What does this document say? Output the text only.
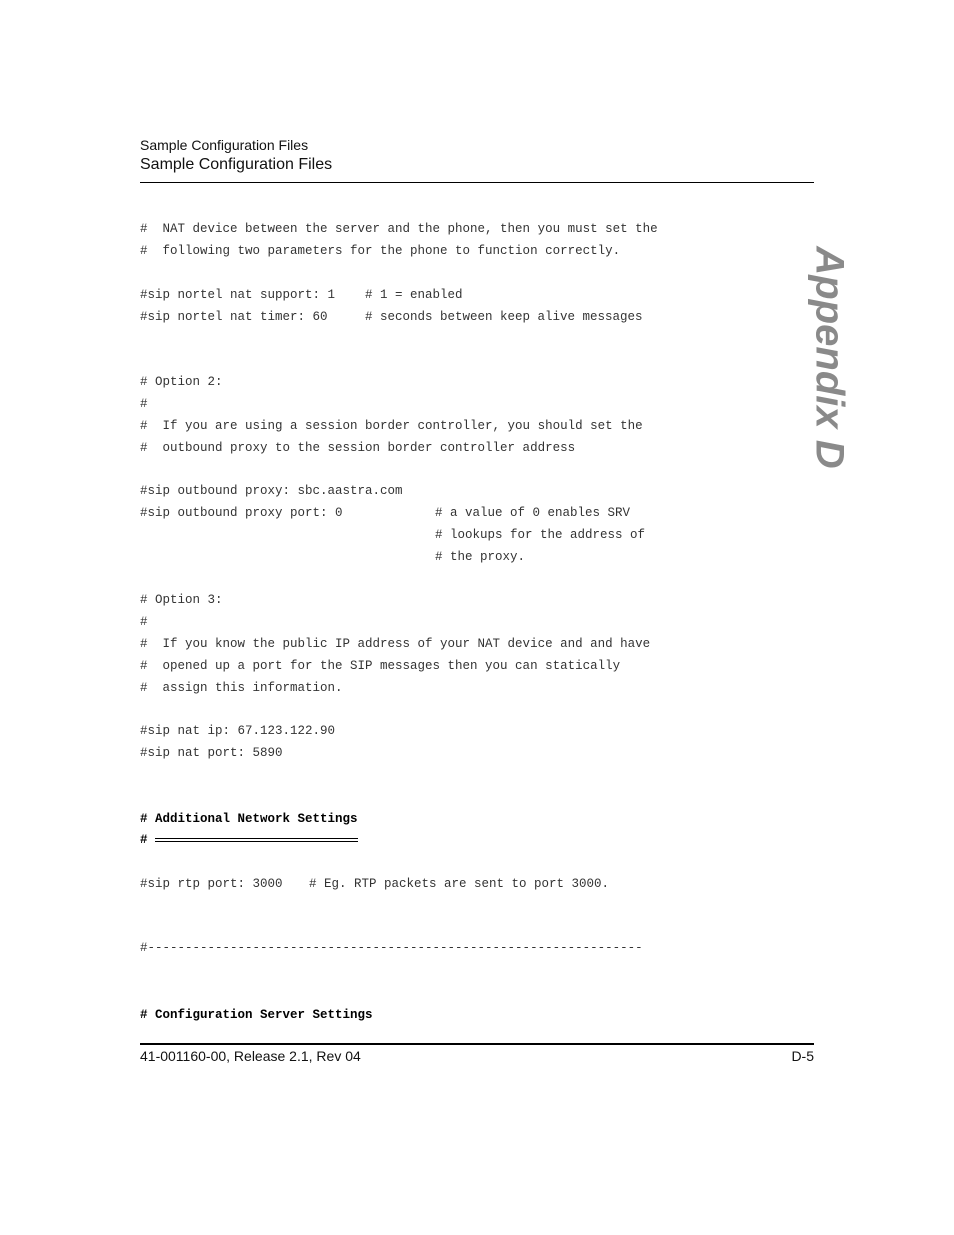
Sample Configuration Files
Sample Configuration Files
Appendix D
#  NAT device between the server and the phone, then you must set the
#  following two parameters for the phone to function correctly.
#sip nortel nat support: 1 # 1 = enabled
#sip nortel nat timer: 60	# seconds between keep alive messages
# Option 2:
#
#  If you are using a session border controller, you should set the
#  outbound proxy to the session border controller address
#sip outbound proxy: sbc.aastra.com
#sip outbound proxy port: 0	# a value of 0 enables SRV
# lookups for the address of
# the proxy.
# Option 3:
#
#  If you know the public IP address of your NAT device and and have
#  opened up a port for the SIP messages then you can statically
#  assign this information.
#sip nat ip: 67.123.122.90
#sip nat port: 5890
# Additional Network Settings
#
#sip rtp port: 3000 # Eg. RTP packets are sent to port 3000.
#------------------------------------------------------------------
# Configuration Server Settings
41-001160-00, Release 2.1, Rev 04	D-5
